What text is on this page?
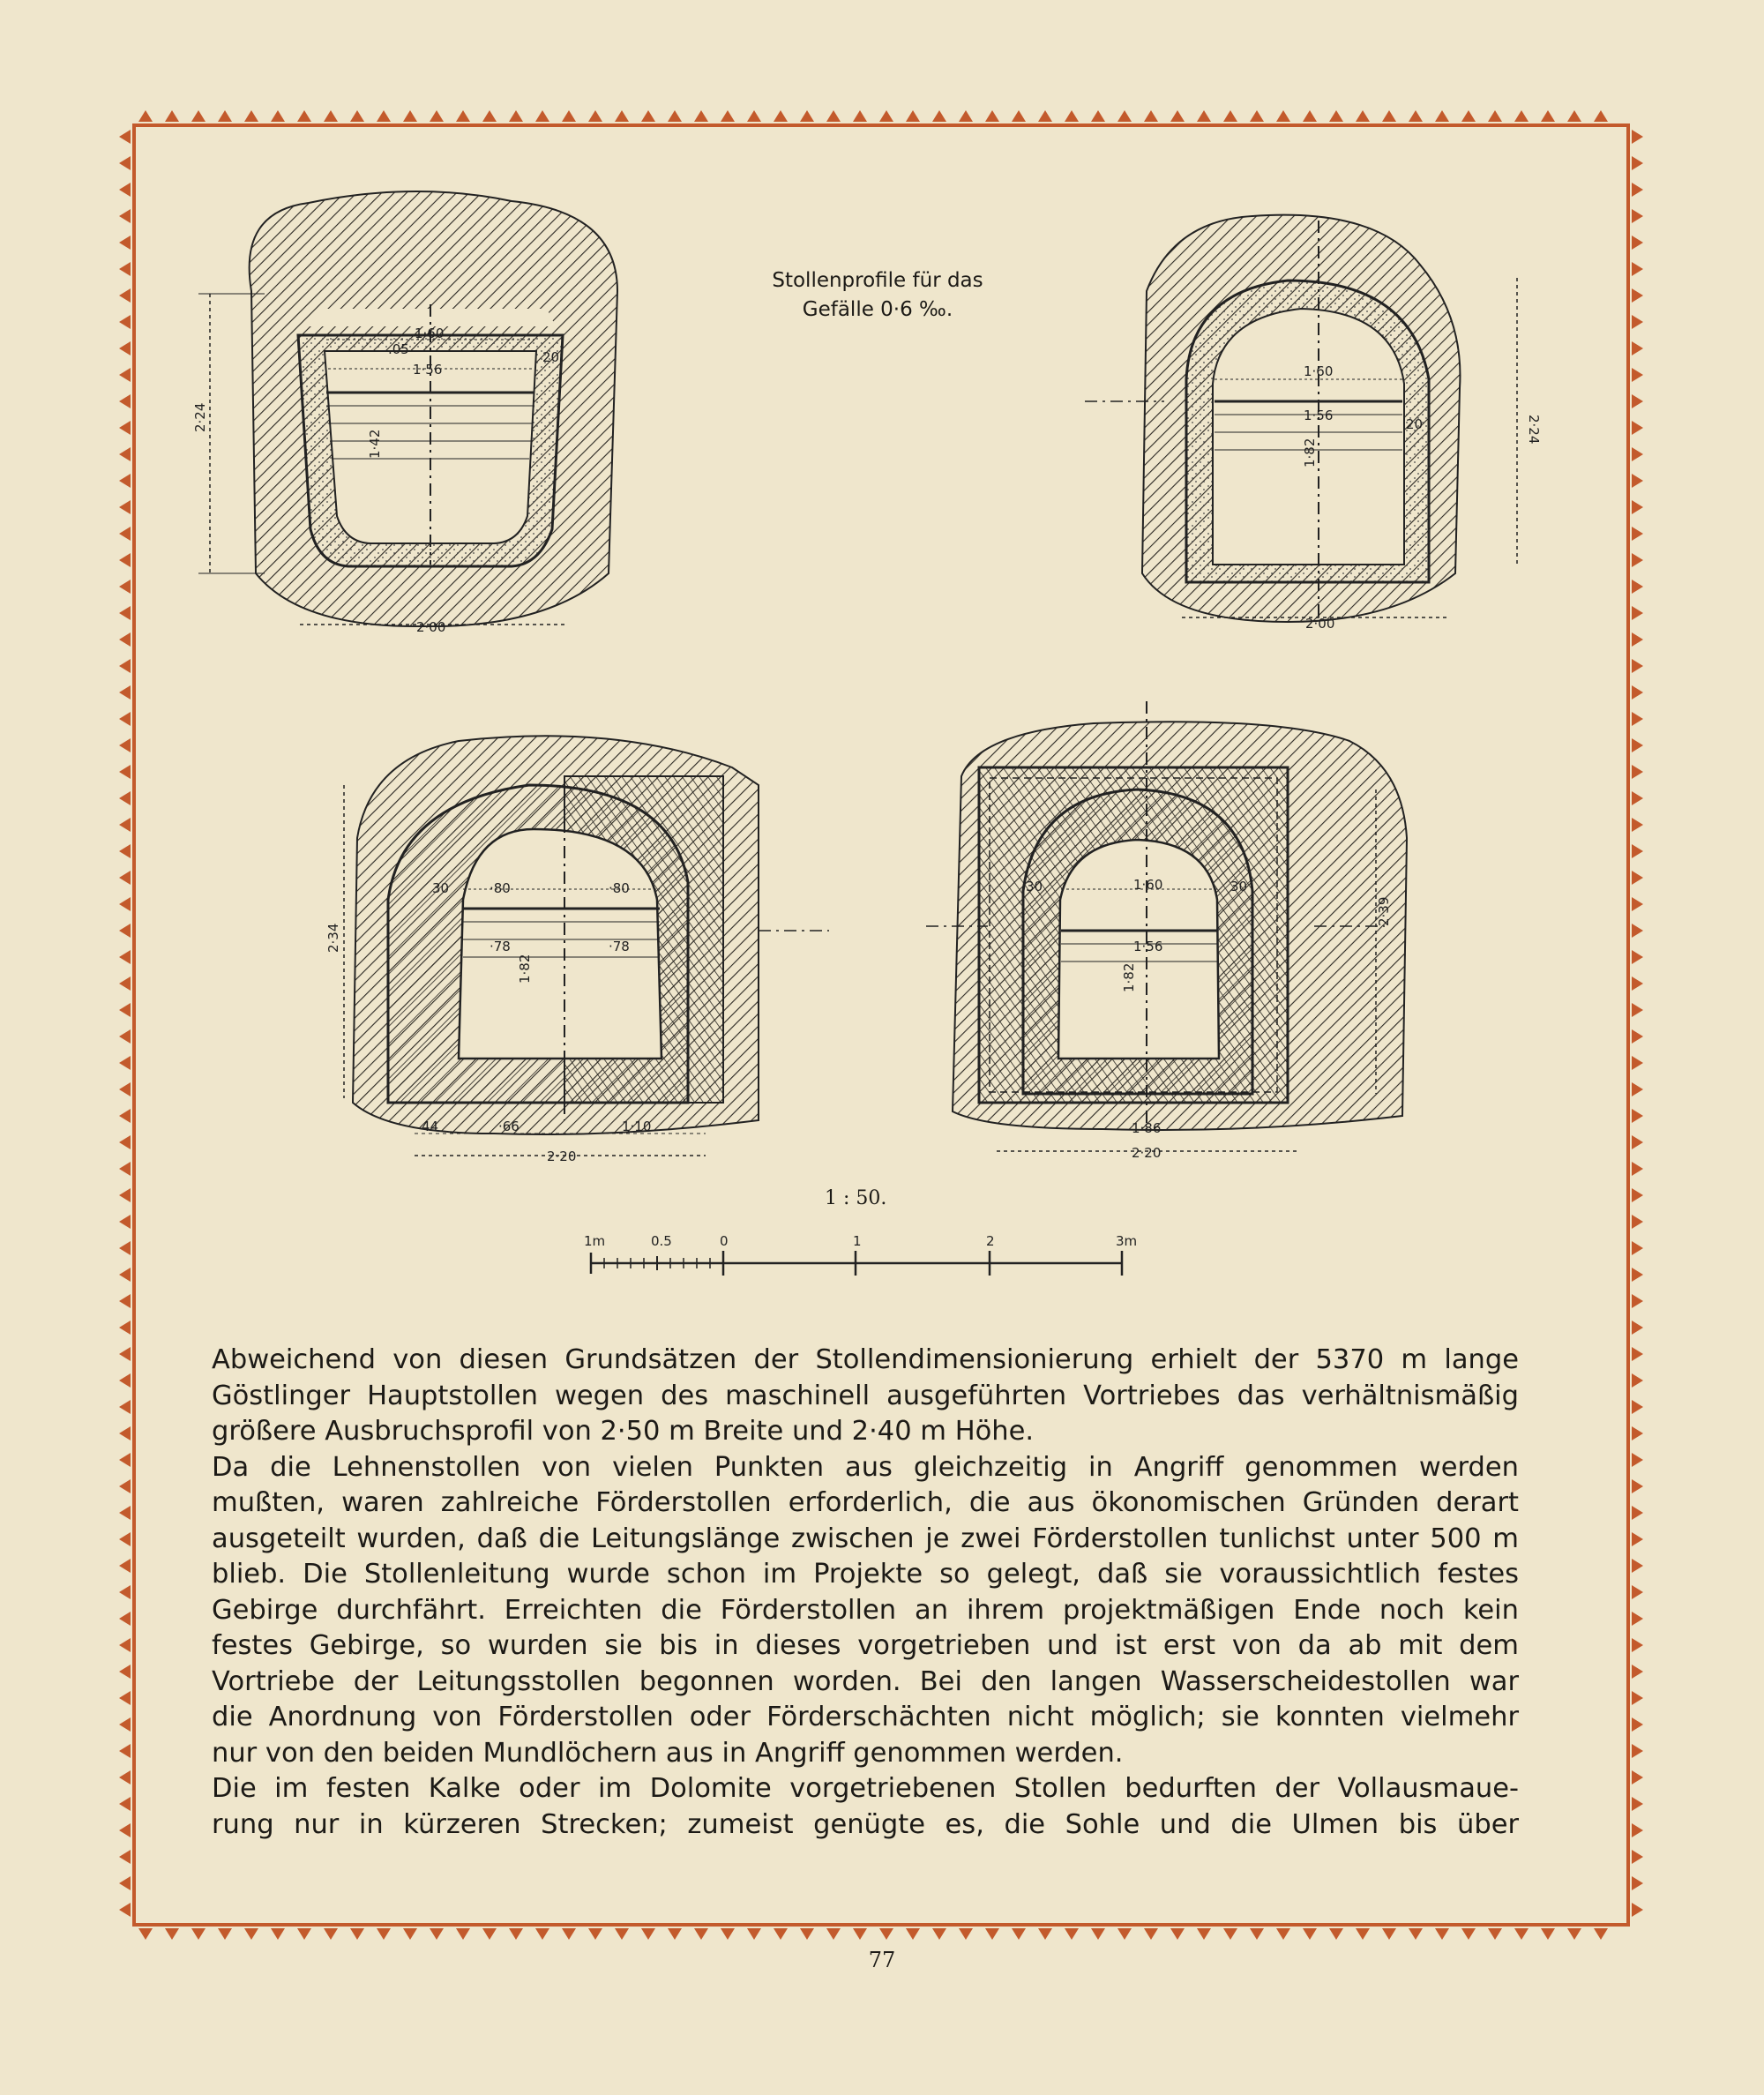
1·60
.05
1·56
20
1·42
2·24
2·00
1·60
1·56
20
1·82
2·24
2·00
30	·80	·80
·78	·78
1·82
2·34
44	·66	1·10
2·20
30	1·60	30
1·56
1·82
2·39
1·86
2·20
1m	0.5	0	1	2	3m
Stollenprofile für das
Gefälle 0·6 ‰.
1 : 50.
Abweichend von diesen Grundsätzen der Stollendimensionierung erhielt der 5370 m lange
Göstlinger Hauptstollen wegen des maschinell ausgeführten Vortriebes das verhältnismäßig
größere Ausbruchsprofil von 2·50 m Breite und 2·40 m Höhe.
Da die Lehnenstollen von vielen Punkten aus gleichzeitig in Angriff genommen werden
mußten, waren zahlreiche Förderstollen erforderlich, die aus ökonomischen Gründen derart
ausgeteilt wurden, daß die Leitungslänge zwischen je zwei Förderstollen tunlichst unter 500 m
blieb. Die Stollenleitung wurde schon im Projekte so gelegt, daß sie voraussichtlich festes
Gebirge durchfährt. Erreichten die Förderstollen an ihrem projektmäßigen Ende noch kein
festes Gebirge, so wurden sie bis in dieses vorgetrieben und ist erst von da ab mit dem
Vortriebe der Leitungsstollen begonnen worden. Bei den langen Wasserscheidestollen war
die Anordnung von Förderstollen oder Förderschächten nicht möglich; sie konnten vielmehr
nur von den beiden Mundlöchern aus in Angriff genommen werden.
Die im festen Kalke oder im Dolomite vorgetriebenen Stollen bedurften der Vollausmaue-
rung nur in kürzeren Strecken; zumeist genügte es, die Sohle und die Ulmen bis über
77
